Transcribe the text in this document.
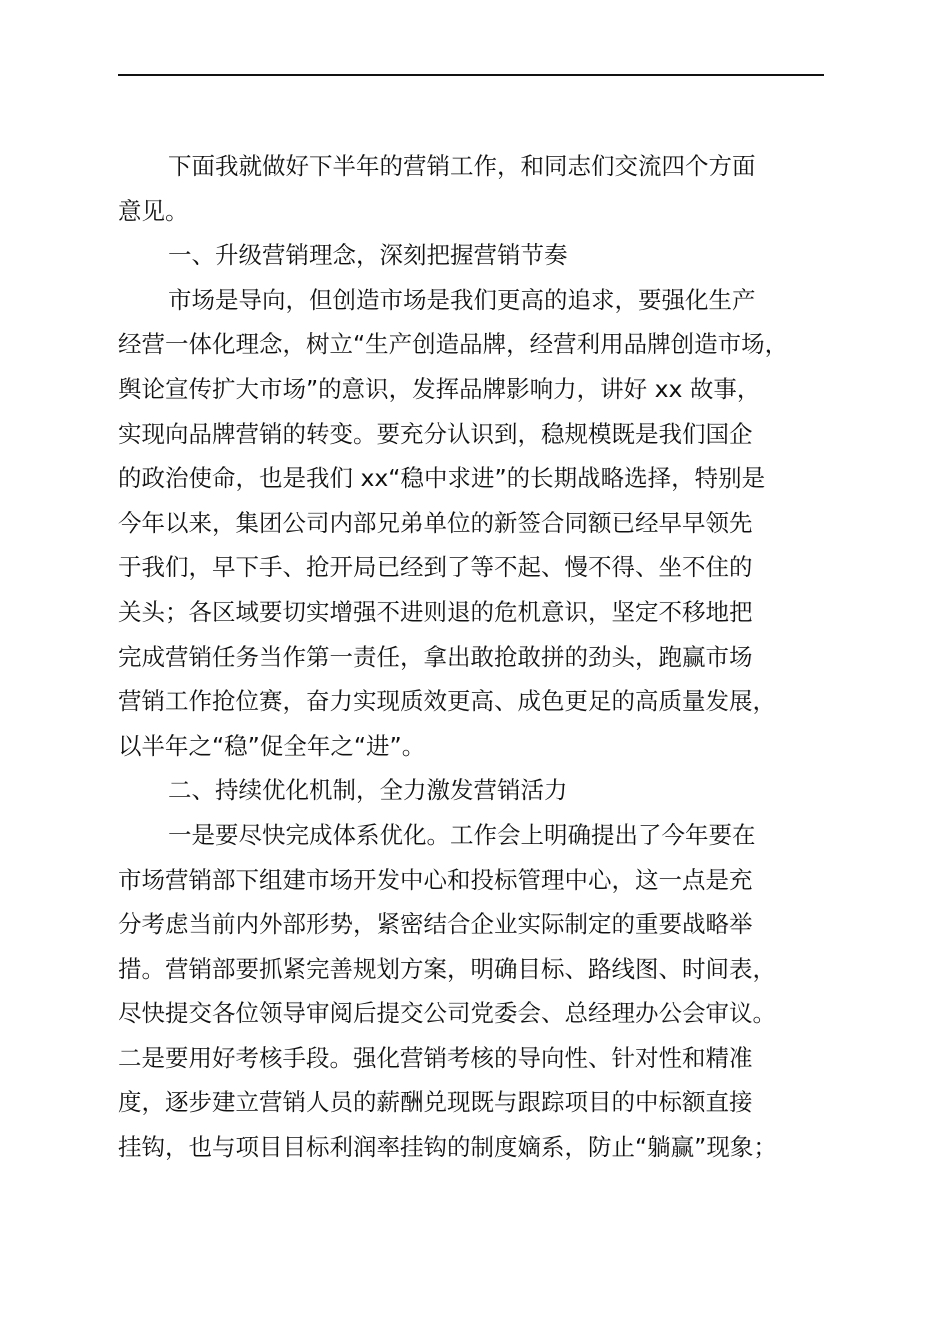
下面我就做好下半年的营销工作，和同志们交流四个方面
意见。
一、升级营销理念，深刻把握营销节奏
市场是导向，但创造市场是我们更高的追求，要强化生产
经营一体化理念，树立“生产创造品牌，经营利用品牌创造市场，
舆论宣传扩大市场”的意识，发挥品牌影响力，讲好 xx 故事，
实现向品牌营销的转变。要充分认识到，稳规模既是我们国企
的政治使命，也是我们 xx“稳中求进”的长期战略选择，特别是
今年以来，集团公司内部兄弟单位的新签合同额已经早早领先
于我们，早下手、抢开局已经到了等不起、慢不得、坐不住的
关头；各区域要切实增强不进则退的危机意识，坚定不移地把
完成营销任务当作第一责任，拿出敢抢敢拼的劲头，跑赢市场
营销工作抢位赛，奋力实现质效更高、成色更足的高质量发展，
以半年之“稳”促全年之“进”。
二、持续优化机制，全力激发营销活力
一是要尽快完成体系优化。工作会上明确提出了今年要在
市场营销部下组建市场开发中心和投标管理中心，这一点是充
分考虑当前内外部形势，紧密结合企业实际制定的重要战略举
措。营销部要抓紧完善规划方案，明确目标、路线图、时间表，
尽快提交各位领导审阅后提交公司党委会、总经理办公会审议。
二是要用好考核手段。强化营销考核的导向性、针对性和精准
度，逐步建立营销人员的薪酬兑现既与跟踪项目的中标额直接
挂钩，也与项目目标利润率挂钩的制度嫡系，防止“躺赢”现象；
